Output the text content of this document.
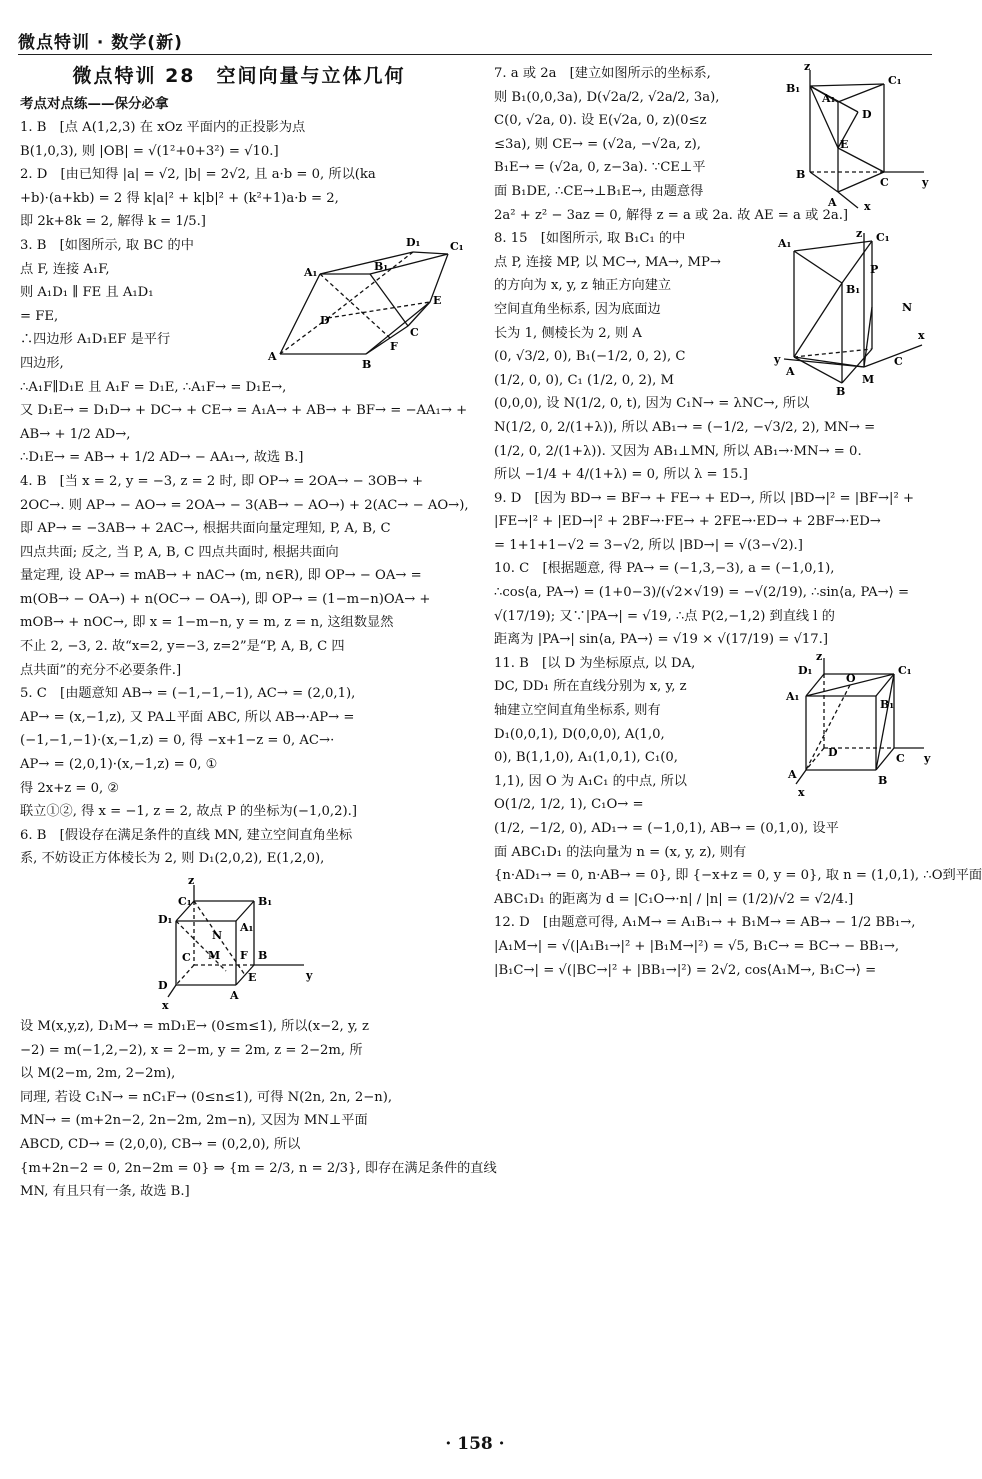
微点特训 · 数学(新)
微点特训 28　空间向量与立体几何
考点对点练——保分必拿
1. B　[点 A(1,2,3) 在 xOz 平面内的正投影为点
B(1,0,3), 则 |OB| = √(1²+0+3²) = √10.]
2. D　[由已知得 |a| = √2, |b| = 2√2, 且 a·b = 0, 所以(ka
+b)·(a+kb) = 2 得 k|a|² + k|b|² + (k²+1)a·b = 2,
即 2k+8k = 2, 解得 k = 1/5.]
D₁	C₁
A₁	B₁
D
E
C
A
F
B
3. B　[如图所示, 取 BC 的中
点 F, 连接 A₁F,
则 A₁D₁ ∥ FE 且 A₁D₁
= FE,
∴四边形 A₁D₁EF 是平行
四边形,
∴A₁F∥D₁E 且 A₁F = D₁E, ∴A₁F→ = D₁E→,
又 D₁E→ = D₁D→ + DC→ + CE→ = A₁A→ + AB→ + BF→ = −AA₁→ +
AB→ + 1/2 AD→,
∴D₁E→ = AB→ + 1/2 AD→ − AA₁→, 故选 B.]
4. B　[当 x = 2, y = −3, z = 2 时, 即 OP→ = 2OA→ − 3OB→ +
2OC→. 则 AP→ − AO→ = 2OA→ − 3(AB→ − AO→) + 2(AC→ − AO→),
即 AP→ = −3AB→ + 2AC→, 根据共面向量定理知, P, A, B, C
四点共面; 反之, 当 P, A, B, C 四点共面时, 根据共面向
量定理, 设 AP→ = mAB→ + nAC→ (m, n∈R), 即 OP→ − OA→ =
m(OB→ − OA→) + n(OC→ − OA→), 即 OP→ = (1−m−n)OA→ +
mOB→ + nOC→, 即 x = 1−m−n, y = m, z = n, 这组数显然
不止 2, −3, 2. 故“x=2, y=−3, z=2”是“P, A, B, C 四
点共面”的充分不必要条件.]
5. C　[由题意知 AB→ = (−1,−1,−1), AC→ = (2,0,1),
AP→ = (x,−1,z), 又 PA⊥平面 ABC, 所以 AB→·AP→ =
(−1,−1,−1)·(x,−1,z) = 0, 得 −x+1−z = 0, AC→·
AP→ = (2,0,1)·(x,−1,z) = 0, ①
得 2x+z = 0, ②
联立①②, 得 x = −1, z = 2, 故点 P 的坐标为(−1,0,2).]
6. B　[假设存在满足条件的直线 MN, 建立空间直角坐标
系, 不妨设正方体棱长为 2, 则 D₁(2,0,2), E(1,2,0),
z
C₁	B₁
D₁
A₁
N
M
C	F B
y
D
E
A
x
设 M(x,y,z), D₁M→ = mD₁E→ (0≤m≤1), 所以(x−2, y, z
−2) = m(−1,2,−2), x = 2−m, y = 2m, z = 2−2m, 所
以 M(2−m, 2m, 2−2m),
同理, 若设 C₁N→ = nC₁F→ (0≤n≤1), 可得 N(2n, 2n, 2−n),
MN→ = (m+2n−2, 2n−2m, 2m−n), 又因为 MN⊥平面
ABCD, CD→ = (2,0,0), CB→ = (0,2,0), 所以
{m+2n−2 = 0, 2n−2m = 0} ⇒ {m = 2/3, n = 2/3}, 即存在满足条件的直线
MN, 有且只有一条, 故选 B.]
z
B₁
C₁
A₁
D
E
B
C	y
A x
7. a 或 2a　[建立如图所示的坐标系,
则 B₁(0,0,3a), D(√2a/2, √2a/2, 3a),
C(0, √2a, 0). 设 E(√2a, 0, z)(0≤z
≤3a), 则 CE→ = (√2a, −√2a, z),
B₁E→ = (√2a, 0, z−3a). ∵CE⊥平
面 B₁DE, ∴CE→⊥B₁E→, 由题意得
2a² + z² − 3az = 0, 解得 z = a 或 2a. 故 AE = a 或 2a.]
z
A₁	C₁
P
B₁
N
y
A
C
x
M
B
8. 15　[如图所示, 取 B₁C₁ 的中
点 P, 连接 MP, 以 MC→, MA→, MP→
的方向为 x, y, z 轴正方向建立
空间直角坐标系, 因为底面边
长为 1, 侧棱长为 2, 则 A
(0, √3/2, 0), B₁(−1/2, 0, 2), C
(1/2, 0, 0), C₁ (1/2, 0, 2), M
(0,0,0), 设 N(1/2, 0, t), 因为 C₁N→ = λNC→, 所以
N(1/2, 0, 2/(1+λ)), 所以 AB₁→ = (−1/2, −√3/2, 2), MN→ =
(1/2, 0, 2/(1+λ)). 又因为 AB₁⊥MN, 所以 AB₁→·MN→ = 0.
所以 −1/4 + 4/(1+λ) = 0, 所以 λ = 15.]
9. D　[因为 BD→ = BF→ + FE→ + ED→, 所以 |BD→|² = |BF→|² +
|FE→|² + |ED→|² + 2BF→·FE→ + 2FE→·ED→ + 2BF→·ED→
= 1+1+1−√2 = 3−√2, 所以 |BD→| = √(3−√2).]
10. C　[根据题意, 得 PA→ = (−1,3,−3), a = (−1,0,1),
∴cos⟨a, PA→⟩ = (1+0−3)/(√2×√19) = −√(2/19), ∴sin⟨a, PA→⟩ =
√(17/19); 又∵|PA→| = √19, ∴点 P(2,−1,2) 到直线 l 的
距离为 |PA→| sin⟨a, PA→⟩ = √19 × √(17/19) = √17.]
z
D₁
O
C₁
A₁
B₁
D	C y
A	B
x
11. B　[以 D 为坐标原点, 以 DA,
DC, DD₁ 所在直线分别为 x, y, z
轴建立空间直角坐标系, 则有
D₁(0,0,1), D(0,0,0), A(1,0,
0), B(1,1,0), A₁(1,0,1), C₁(0,
1,1), 因 O 为 A₁C₁ 的中点, 所以
O(1/2, 1/2, 1), C₁O→ =
(1/2, −1/2, 0), AD₁→ = (−1,0,1), AB→ = (0,1,0), 设平
面 ABC₁D₁ 的法向量为 n = (x, y, z), 则有
{n·AD₁→ = 0, n·AB→ = 0}, 即 {−x+z = 0, y = 0}, 取 n = (1,0,1), ∴O到平面
ABC₁D₁ 的距离为 d = |C₁O→·n| / |n| = (1/2)/√2 = √2/4.]
12. D　[由题意可得, A₁M→ = A₁B₁→ + B₁M→ = AB→ − 1/2 BB₁→,
|A₁M→| = √(|A₁B₁→|² + |B₁M→|²) = √5, B₁C→ = BC→ − BB₁→,
|B₁C→| = √(|BC→|² + |BB₁→|²) = 2√2, cos⟨A₁M→, B₁C→⟩ =
· 158 ·
